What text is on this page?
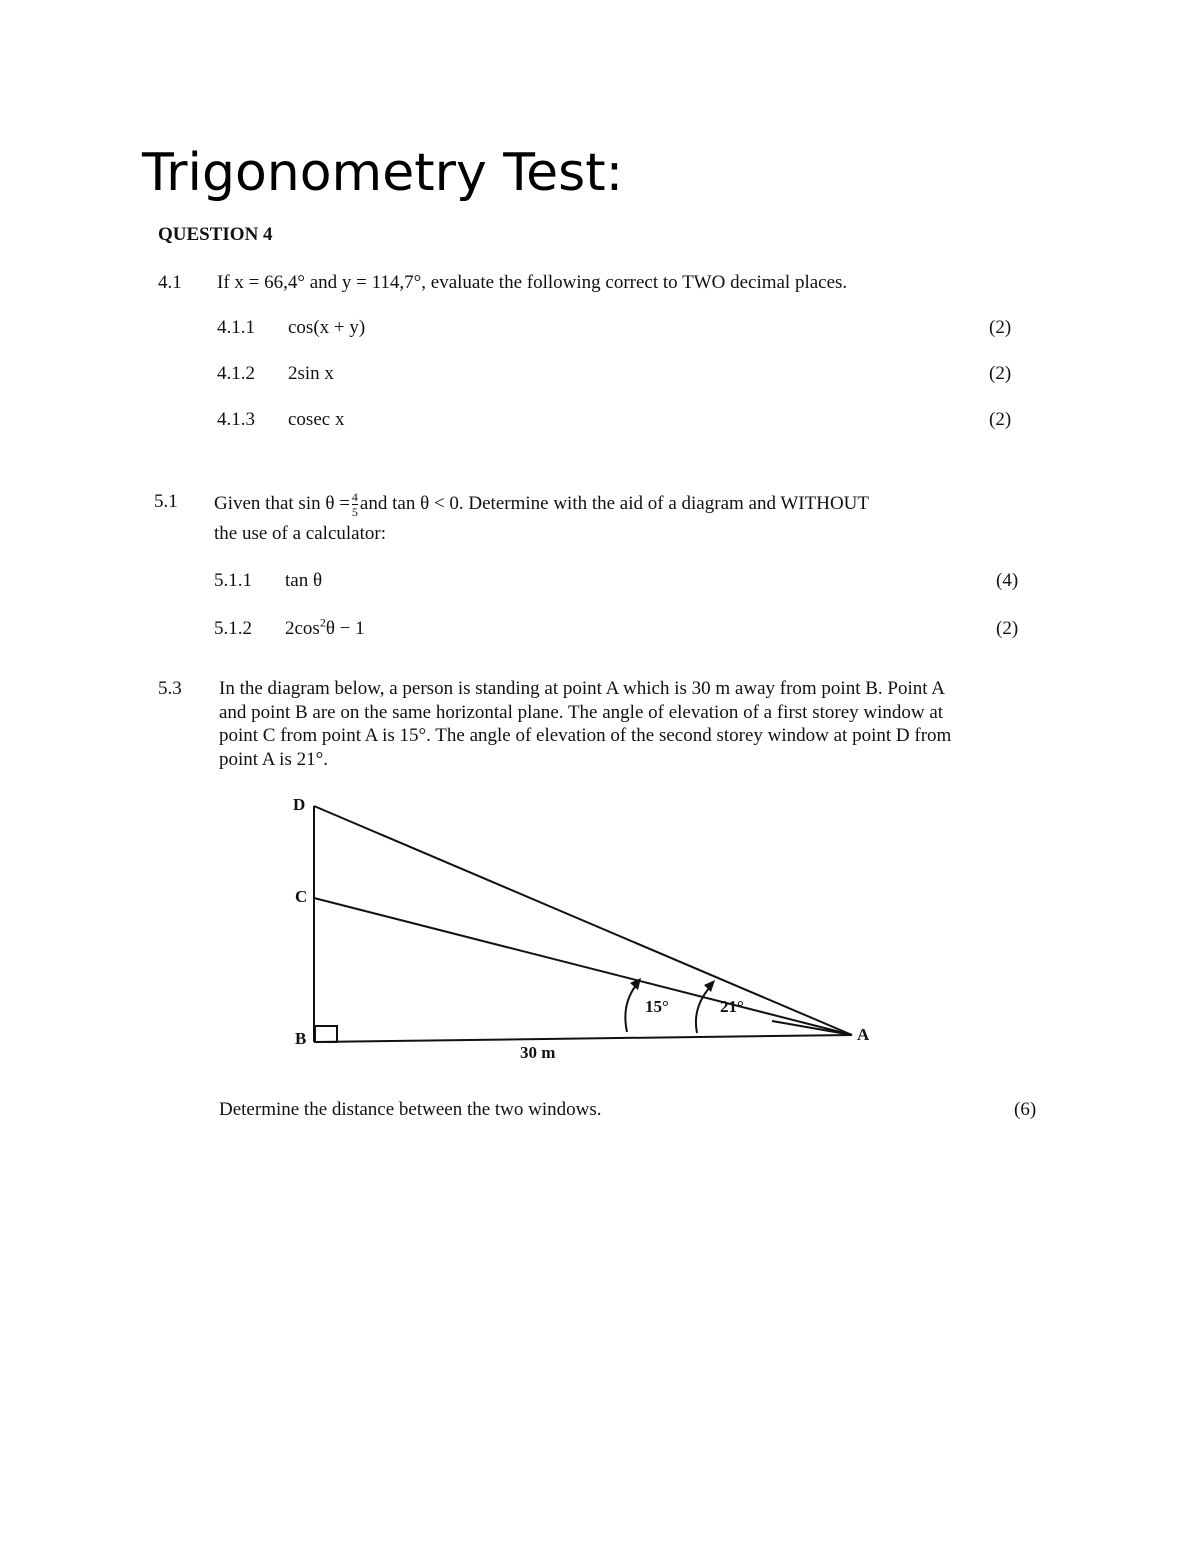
Trigonometry Test:
QUESTION 4
4.1 If x = 66,4° and y = 114,7°, evaluate the following correct to TWO decimal places.
4.1.1 cos(x + y)	(2)
4.1.2 2sin x	(2)
4.1.3 cosec x	(2)
5.1 Given that $\sin \theta = \frac{4}{5}$ and tan θ < 0. Determine with the aid of a diagram and WITHOUT
the use of a calculator:
5.1.1 tan θ	(4)
5.1.2 $2\cos^2\theta - 1$	(2)
5.3 In the diagram below, a person is standing at point A which is 30 m away from point B. Point A and point B are on the same horizontal plane. The angle of elevation of a first storey window at point C from point A is 15°. The angle of elevation of the second storey window at point D from point A is 21°.
D
C
B	A
15°	21°
30 m
Determine the distance between the two windows.	(6)
